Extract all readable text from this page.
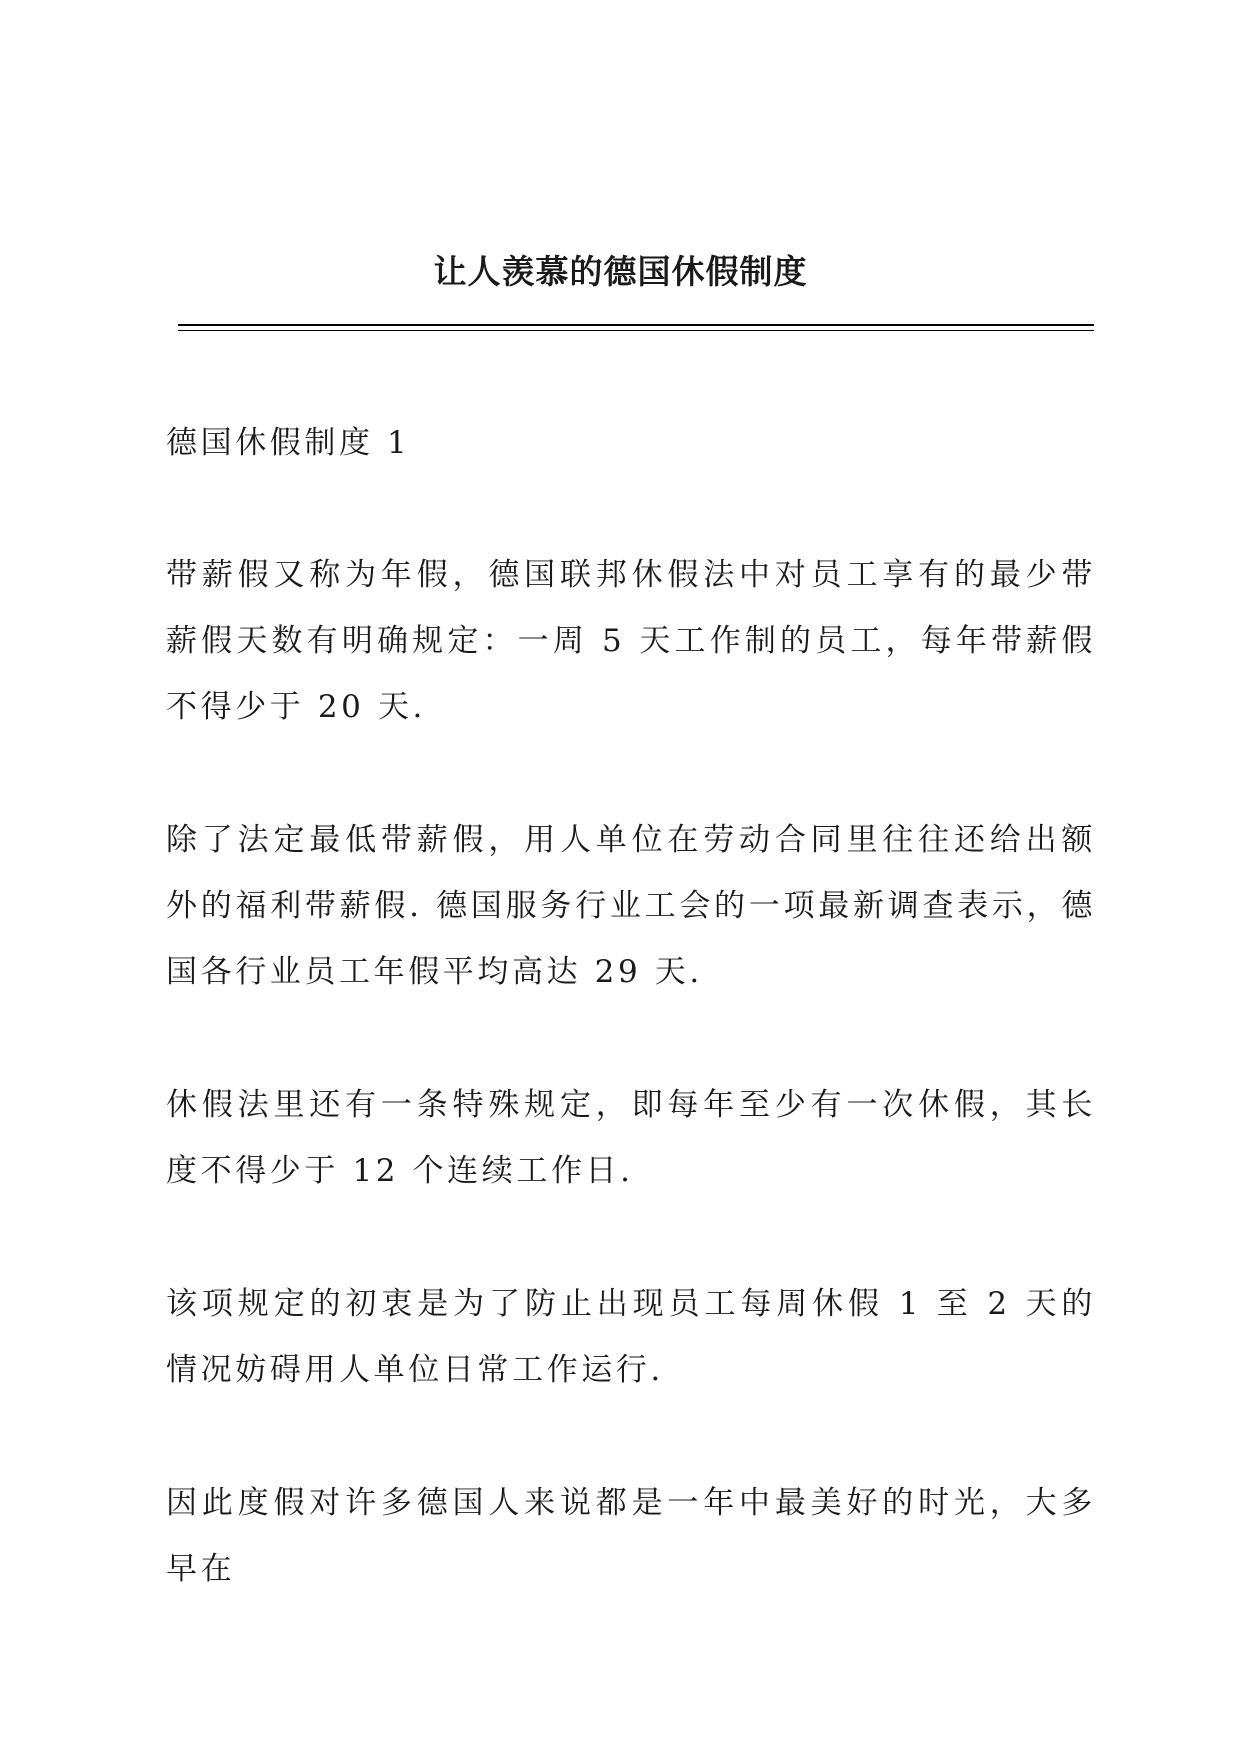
让人羡慕的德国休假制度

德国休假制度 1

带薪假又称为年假，德国联邦休假法中对员工享有的最少带薪假天数有明确规定：一周 5 天工作制的员工，每年带薪假不得少于 20 天.

除了法定最低带薪假，用人单位在劳动合同里往往还给出额外的福利带薪假. 德国服务行业工会的一项最新调查表示，德国各行业员工年假平均高达 29 天.

休假法里还有一条特殊规定，即每年至少有一次休假，其长度不得少于 12 个连续工作日.

该项规定的初衷是为了防止出现员工每周休假 1 至 2 天的情况妨碍用人单位日常工作运行.

因此度假对许多德国人来说都是一年中最美好的时光，大多早在
